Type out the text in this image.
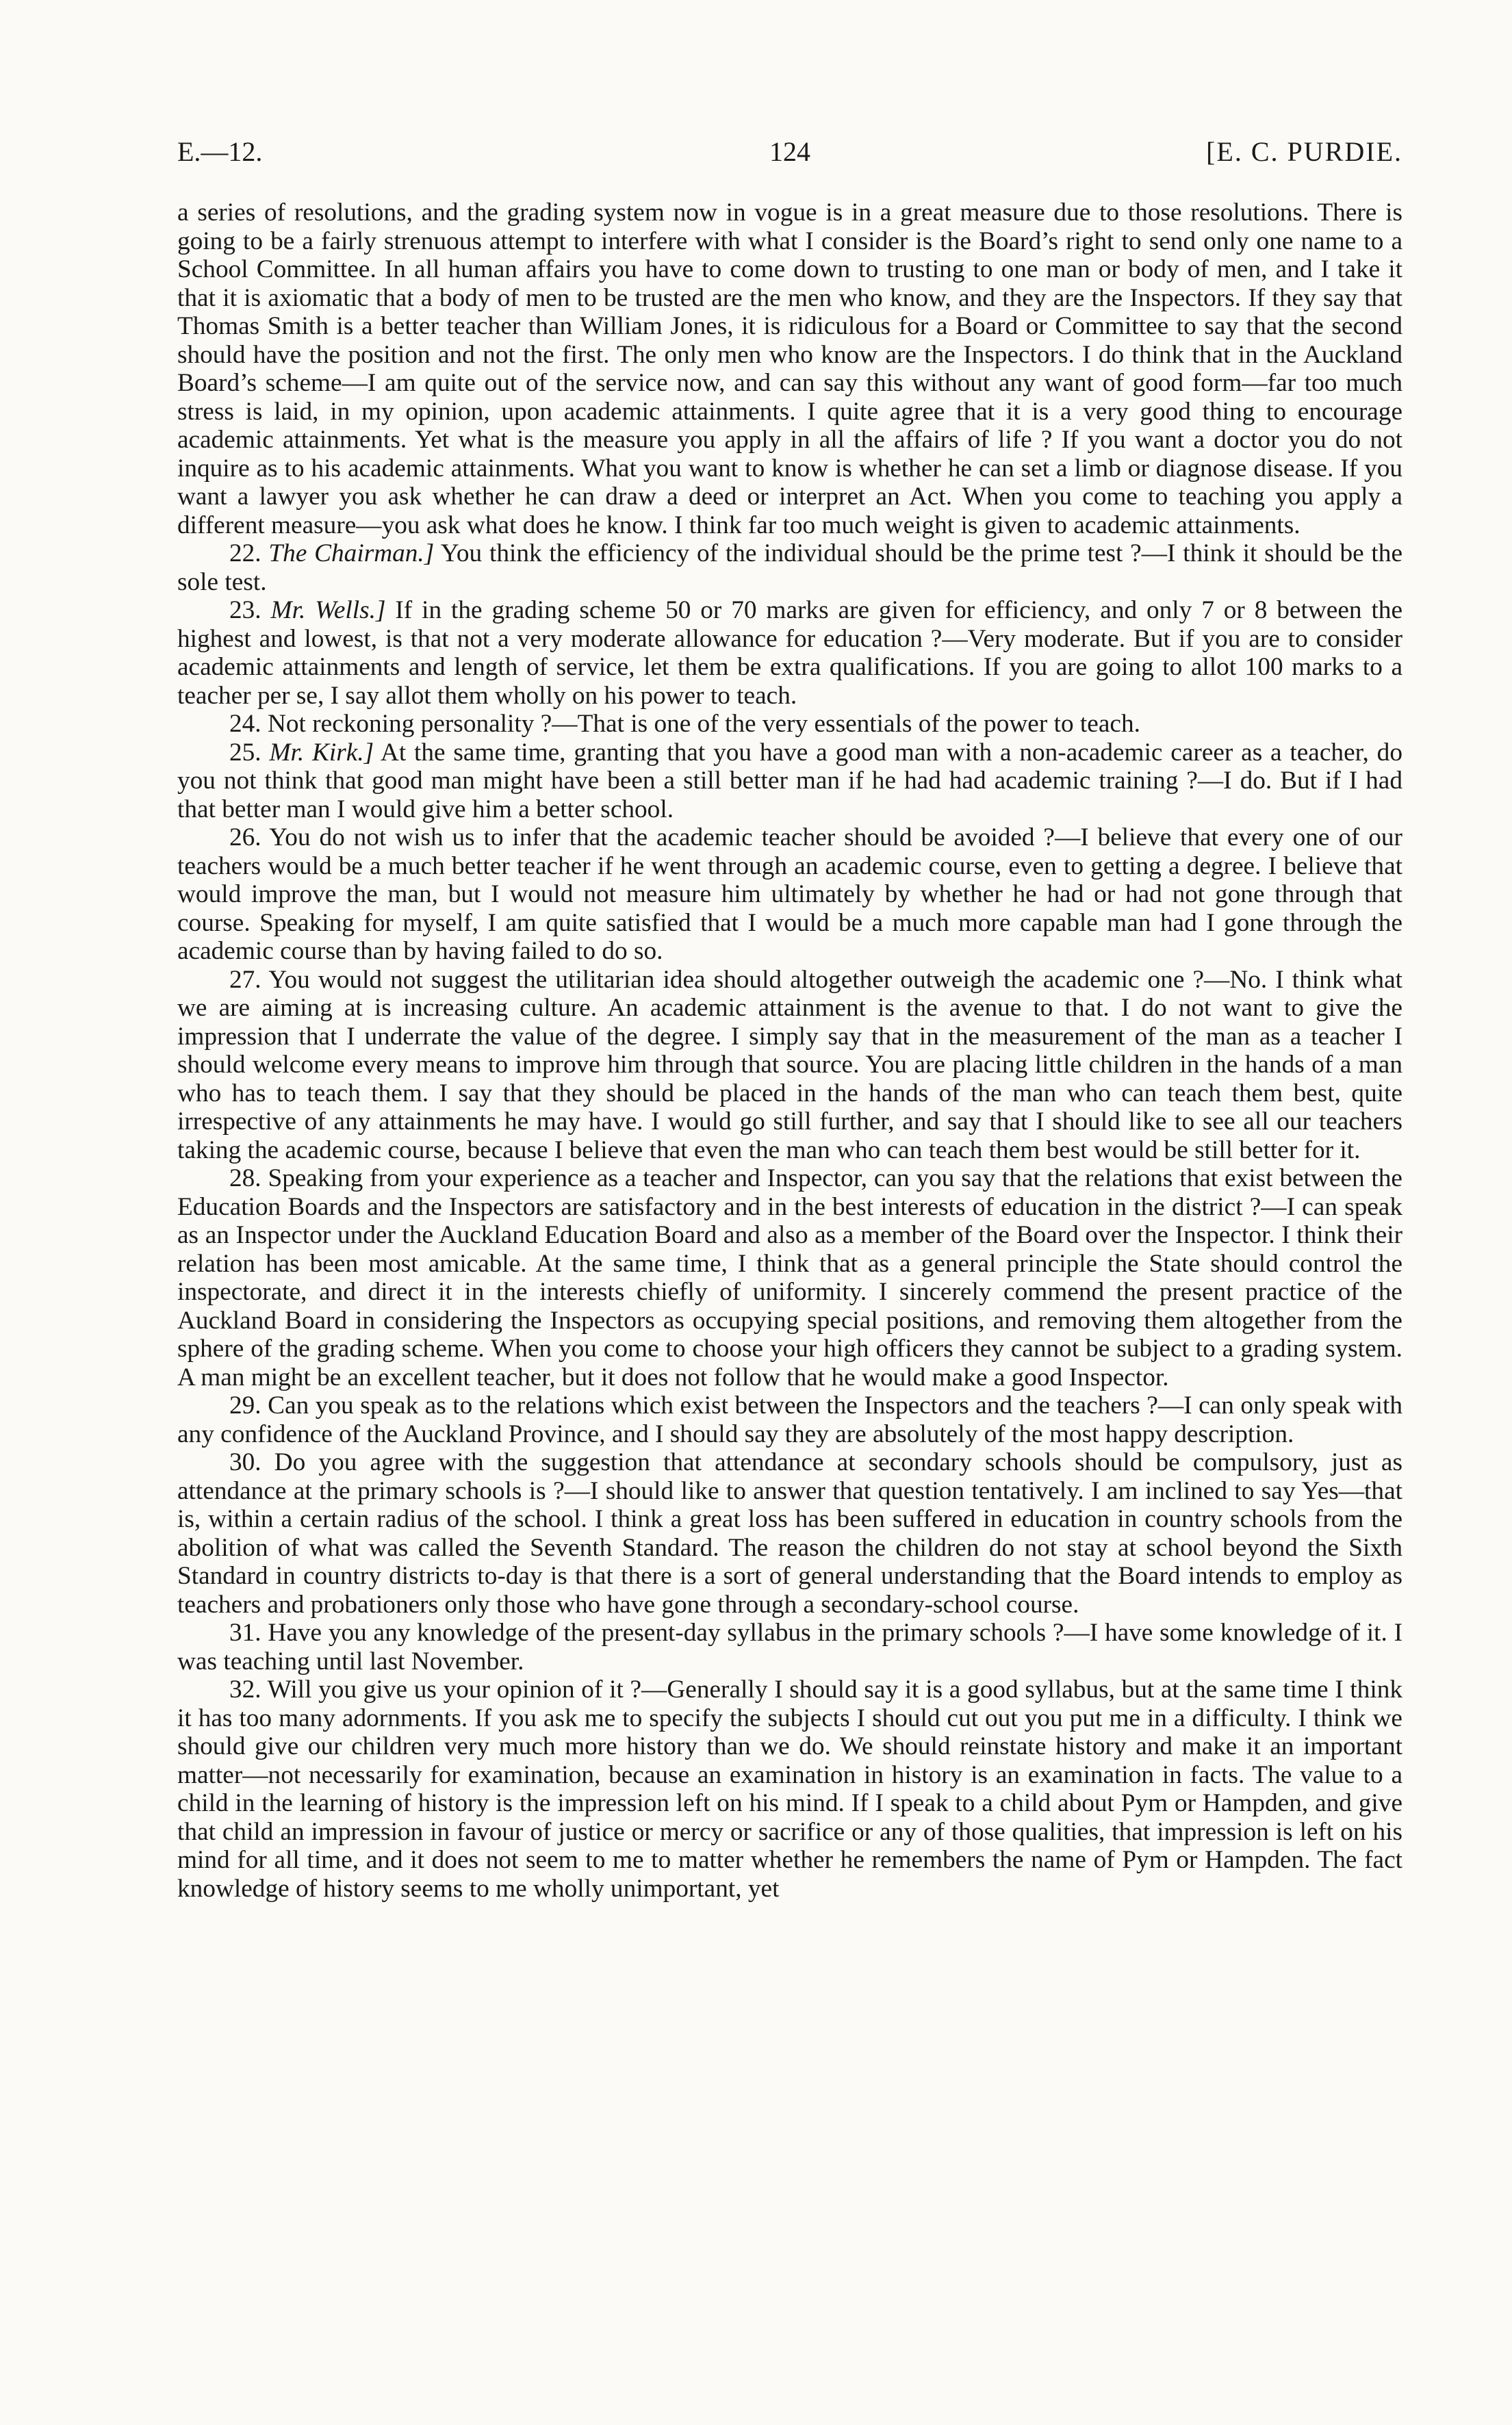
E.—12.	124	[E. C. PURDIE.

a series of resolutions, and the grading system now in vogue is in a great measure due to those resolutions. There is going to be a fairly strenuous attempt to interfere with what I consider is the Board’s right to send only one name to a School Committee. In all human affairs you have to come down to trusting to one man or body of men, and I take it that it is axiomatic that a body of men to be trusted are the men who know, and they are the Inspectors. If they say that Thomas Smith is a better teacher than William Jones, it is ridiculous for a Board or Committee to say that the second should have the position and not the first. The only men who know are the Inspectors. I do think that in the Auckland Board’s scheme—I am quite out of the service now, and can say this without any want of good form—far too much stress is laid, in my opinion, upon academic attainments. I quite agree that it is a very good thing to encourage academic attainments. Yet what is the measure you apply in all the affairs of life ? If you want a doctor you do not inquire as to his academic attainments. What you want to know is whether he can set a limb or diagnose disease. If you want a lawyer you ask whether he can draw a deed or interpret an Act. When you come to teaching you apply a different measure—you ask what does he know. I think far too much weight is given to academic attainments.

22. The Chairman.] You think the efficiency of the individual should be the prime test ?—I think it should be the sole test.

23. Mr. Wells.] If in the grading scheme 50 or 70 marks are given for efficiency, and only 7 or 8 between the highest and lowest, is that not a very moderate allowance for education ?—Very moderate. But if you are to consider academic attainments and length of service, let them be extra qualifications. If you are going to allot 100 marks to a teacher per se, I say allot them wholly on his power to teach.

24. Not reckoning personality ?—That is one of the very essentials of the power to teach.

25. Mr. Kirk.] At the same time, granting that you have a good man with a non-academic career as a teacher, do you not think that good man might have been a still better man if he had had academic training ?—I do. But if I had that better man I would give him a better school.

26. You do not wish us to infer that the academic teacher should be avoided ?—I believe that every one of our teachers would be a much better teacher if he went through an academic course, even to getting a degree. I believe that would improve the man, but I would not measure him ultimately by whether he had or had not gone through that course. Speaking for myself, I am quite satisfied that I would be a much more capable man had I gone through the academic course than by having failed to do so.

27. You would not suggest the utilitarian idea should altogether outweigh the academic one ?—No. I think what we are aiming at is increasing culture. An academic attainment is the avenue to that. I do not want to give the impression that I underrate the value of the degree. I simply say that in the measurement of the man as a teacher I should welcome every means to improve him through that source. You are placing little children in the hands of a man who has to teach them. I say that they should be placed in the hands of the man who can teach them best, quite irrespective of any attainments he may have. I would go still further, and say that I should like to see all our teachers taking the academic course, because I believe that even the man who can teach them best would be still better for it.

28. Speaking from your experience as a teacher and Inspector, can you say that the relations that exist between the Education Boards and the Inspectors are satisfactory and in the best interests of education in the district ?—I can speak as an Inspector under the Auckland Education Board and also as a member of the Board over the Inspector. I think their relation has been most amicable. At the same time, I think that as a general principle the State should control the inspectorate, and direct it in the interests chiefly of uniformity. I sincerely commend the present practice of the Auckland Board in considering the Inspectors as occupying special positions, and removing them altogether from the sphere of the grading scheme. When you come to choose your high officers they cannot be subject to a grading system. A man might be an excellent teacher, but it does not follow that he would make a good Inspector.

29. Can you speak as to the relations which exist between the Inspectors and the teachers ?—I can only speak with any confidence of the Auckland Province, and I should say they are absolutely of the most happy description.

30. Do you agree with the suggestion that attendance at secondary schools should be compulsory, just as attendance at the primary schools is ?—I should like to answer that question tentatively. I am inclined to say Yes—that is, within a certain radius of the school. I think a great loss has been suffered in education in country schools from the abolition of what was called the Seventh Standard. The reason the children do not stay at school beyond the Sixth Standard in country districts to-day is that there is a sort of general understanding that the Board intends to employ as teachers and probationers only those who have gone through a secondary-school course.

31. Have you any knowledge of the present-day syllabus in the primary schools ?—I have some knowledge of it. I was teaching until last November.

32. Will you give us your opinion of it ?—Generally I should say it is a good syllabus, but at the same time I think it has too many adornments. If you ask me to specify the subjects I should cut out you put me in a difficulty. I think we should give our children very much more history than we do. We should reinstate history and make it an important matter—not necessarily for examination, because an examination in history is an examination in facts. The value to a child in the learning of history is the impression left on his mind. If I speak to a child about Pym or Hampden, and give that child an impression in favour of justice or mercy or sacrifice or any of those qualities, that impression is left on his mind for all time, and it does not seem to me to matter whether he remembers the name of Pym or Hampden. The fact knowledge of history seems to me wholly unimportant, yet
